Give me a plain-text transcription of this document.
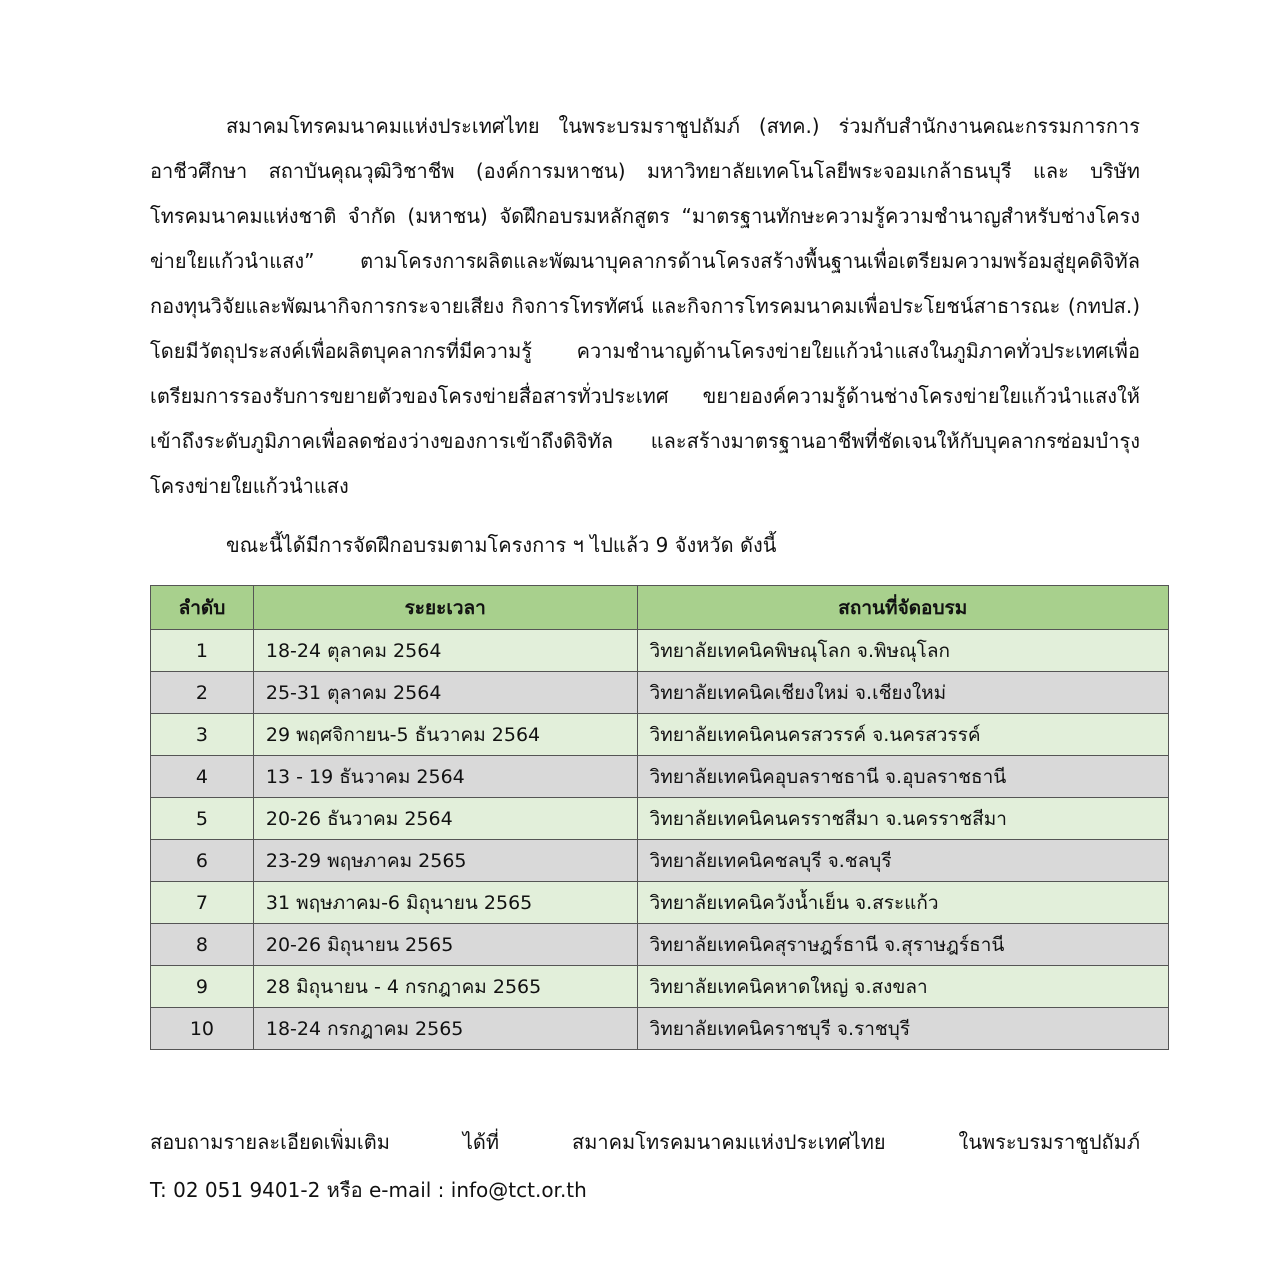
สมาคมโทรคมนาคมแห่งประเทศไทย ในพระบรมราชูปถัมภ์ (สทค.) ร่วมกับสำนักงานคณะกรรมการการอาชีวศึกษา สถาบันคุณวุฒิวิชาชีพ (องค์การมหาชน) มหาวิทยาลัยเทคโนโลยีพระจอมเกล้าธนบุรี และ บริษัท โทรคมนาคมแห่งชาติ จำกัด (มหาชน) จัดฝึกอบรมหลักสูตร “มาตรฐานทักษะความรู้ความชำนาญสำหรับช่างโครงข่ายใยแก้วนำแสง” ตามโครงการผลิตและพัฒนาบุคลากรด้านโครงสร้างพื้นฐานเพื่อเตรียมความพร้อมสู่ยุคดิจิทัล กองทุนวิจัยและพัฒนากิจการกระจายเสียง กิจการโทรทัศน์ และกิจการโทรคมนาคมเพื่อประโยชน์สาธารณะ (กทปส.) โดยมีวัตถุประสงค์เพื่อผลิตบุคลากรที่มีความรู้ ความชำนาญด้านโครงข่ายใยแก้วนำแสงในภูมิภาคทั่วประเทศเพื่อเตรียมการรองรับการขยายตัวของโครงข่ายสื่อสารทั่วประเทศ ขยายองค์ความรู้ด้านช่างโครงข่ายใยแก้วนำแสงให้เข้าถึงระดับภูมิภาคเพื่อลดช่องว่างของการเข้าถึงดิจิทัล และสร้างมาตรฐานอาชีพที่ชัดเจนให้กับบุคลากรซ่อมบำรุงโครงข่ายใยแก้วนำแสง

ขณะนี้ได้มีการจัดฝึกอบรมตามโครงการ ฯ ไปแล้ว 9 จังหวัด ดังนี้

ลำดับ	ระยะเวลา	สถานที่จัดอบรม
1	18-24 ตุลาคม 2564	วิทยาลัยเทคนิคพิษณุโลก จ.พิษณุโลก
2	25-31 ตุลาคม 2564	วิทยาลัยเทคนิคเชียงใหม่ จ.เชียงใหม่
3	29 พฤศจิกายน-5 ธันวาคม 2564	วิทยาลัยเทคนิคนครสวรรค์ จ.นครสวรรค์
4	13 - 19 ธันวาคม 2564	วิทยาลัยเทคนิคอุบลราชธานี จ.อุบลราชธานี
5	20-26 ธันวาคม 2564	วิทยาลัยเทคนิคนครราชสีมา จ.นครราชสีมา
6	23-29 พฤษภาคม 2565	วิทยาลัยเทคนิคชลบุรี จ.ชลบุรี
7	31 พฤษภาคม-6 มิถุนายน 2565	วิทยาลัยเทคนิควังน้ำเย็น จ.สระแก้ว
8	20-26 มิถุนายน 2565	วิทยาลัยเทคนิคสุราษฎร์ธานี จ.สุราษฎร์ธานี
9	28 มิถุนายน - 4 กรกฎาคม 2565	วิทยาลัยเทคนิคหาดใหญ่ จ.สงขลา
10	18-24 กรกฎาคม 2565	วิทยาลัยเทคนิคราชบุรี จ.ราชบุรี

สอบถามรายละเอียดเพิ่มเติม ได้ที่ สมาคมโทรคมนาคมแห่งประเทศไทย ในพระบรมราชูปถัมภ์
T: 02 051 9401-2 หรือ e-mail : info@tct.or.th
